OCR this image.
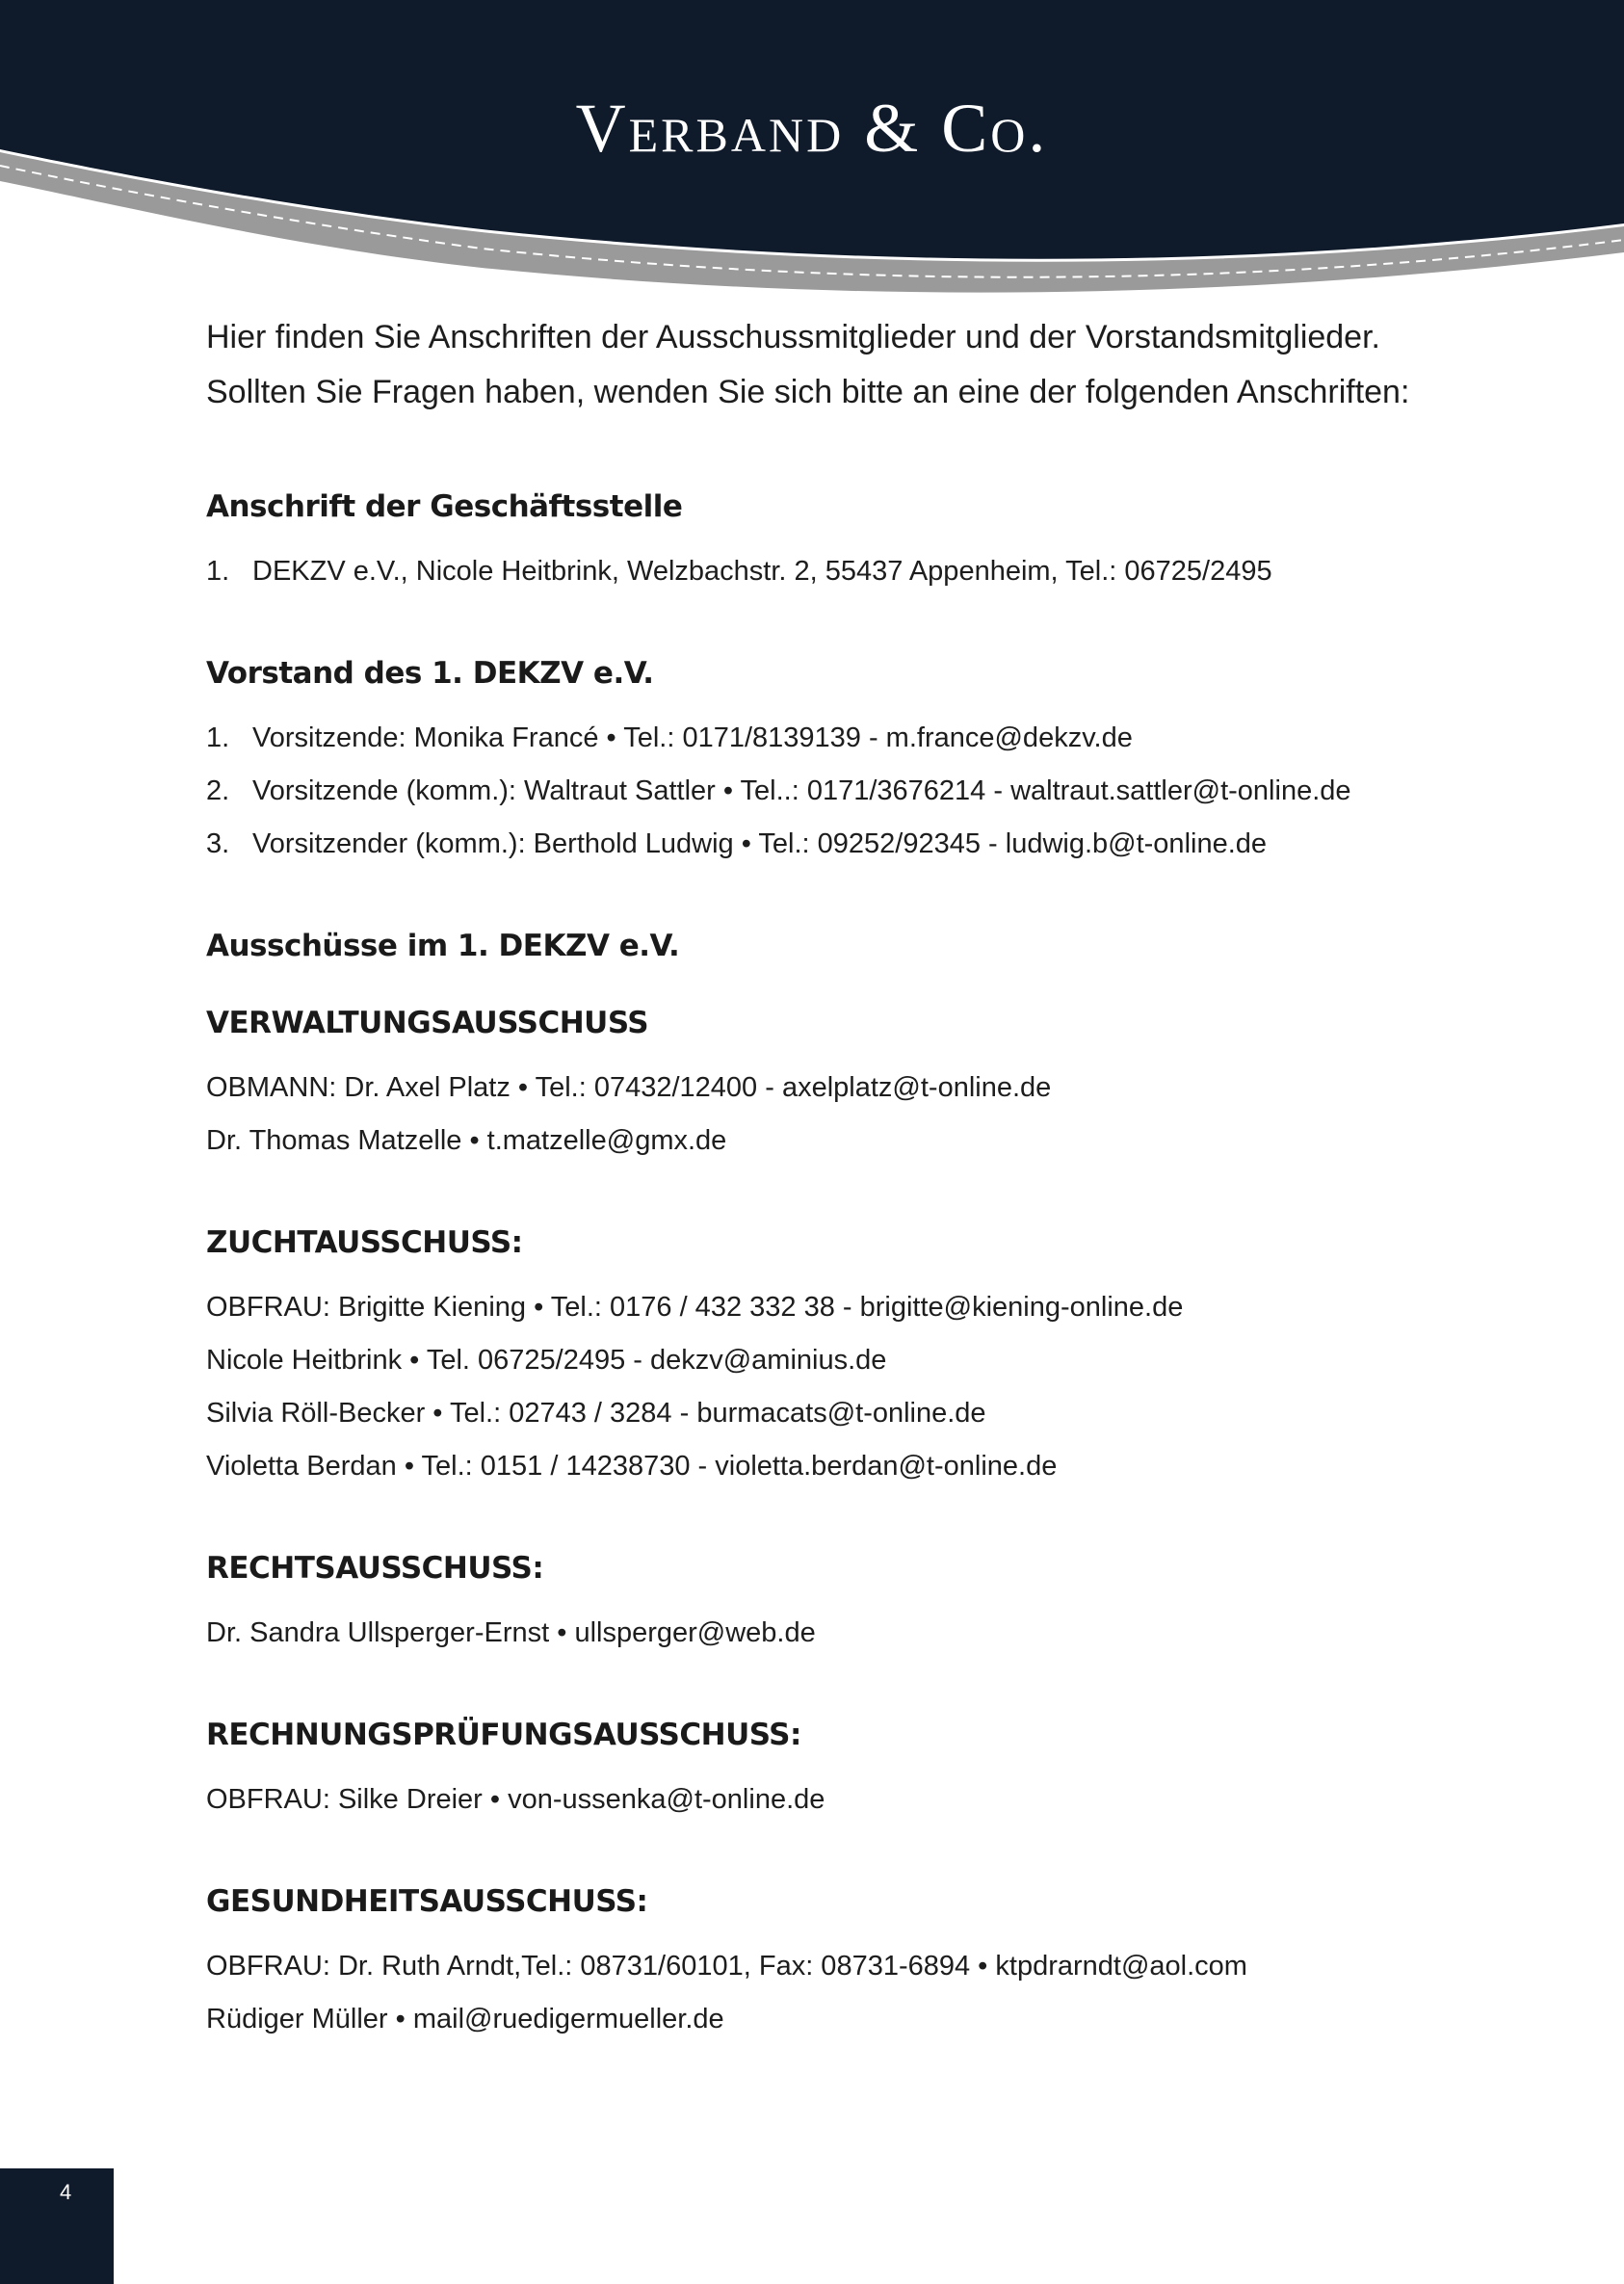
Verband & Co.

Hier finden Sie Anschriften der Ausschussmitglieder und der Vorstandsmitglieder.

Sollten Sie Fragen haben, wenden Sie sich bitte an eine der folgenden Anschriften:

Anschrift der Geschäftsstelle

1. DEKZV e.V., Nicole Heitbrink, Welzbachstr. 2, 55437 Appenheim, Tel.: 06725/2495

Vorstand des 1. DEKZV e.V.

1. Vorsitzende: Monika Francé • Tel.: 0171/8139139 - m.france@dekzv.de

2. Vorsitzende (komm.): Waltraut Sattler • Tel..: 0171/3676214 - waltraut.sattler@t-online.de

3. Vorsitzender (komm.): Berthold Ludwig • Tel.: 09252/92345 - ludwig.b@t-online.de

Ausschüsse im 1. DEKZV e.V.
VERWALTUNGSAUSSCHUSS

OBMANN: Dr. Axel Platz • Tel.: 07432/12400 - axelplatz@t-online.de

Dr. Thomas Matzelle • t.matzelle@gmx.de

ZUCHTAUSSCHUSS:

OBFRAU: Brigitte Kiening • Tel.: 0176 / 432 332 38 - brigitte@kiening-online.de

Nicole Heitbrink • Tel. 06725/2495 - dekzv@aminius.de

Silvia Röll-Becker • Tel.: 02743 / 3284 - burmacats@t-online.de

Violetta Berdan • Tel.: 0151 / 14238730 - violetta.berdan@t-online.de

RECHTSAUSSCHUSS:

Dr. Sandra Ullsperger-Ernst • ullsperger@web.de

RECHNUNGSPRÜFUNGSAUSSCHUSS:

OBFRAU: Silke Dreier • von-ussenka@t-online.de

GESUNDHEITSAUSSCHUSS:

OBFRAU: Dr. Ruth Arndt,Tel.: 08731/60101, Fax: 08731-6894 • ktpdrarndt@aol.com

Rüdiger Müller • mail@ruedigermueller.de

4
